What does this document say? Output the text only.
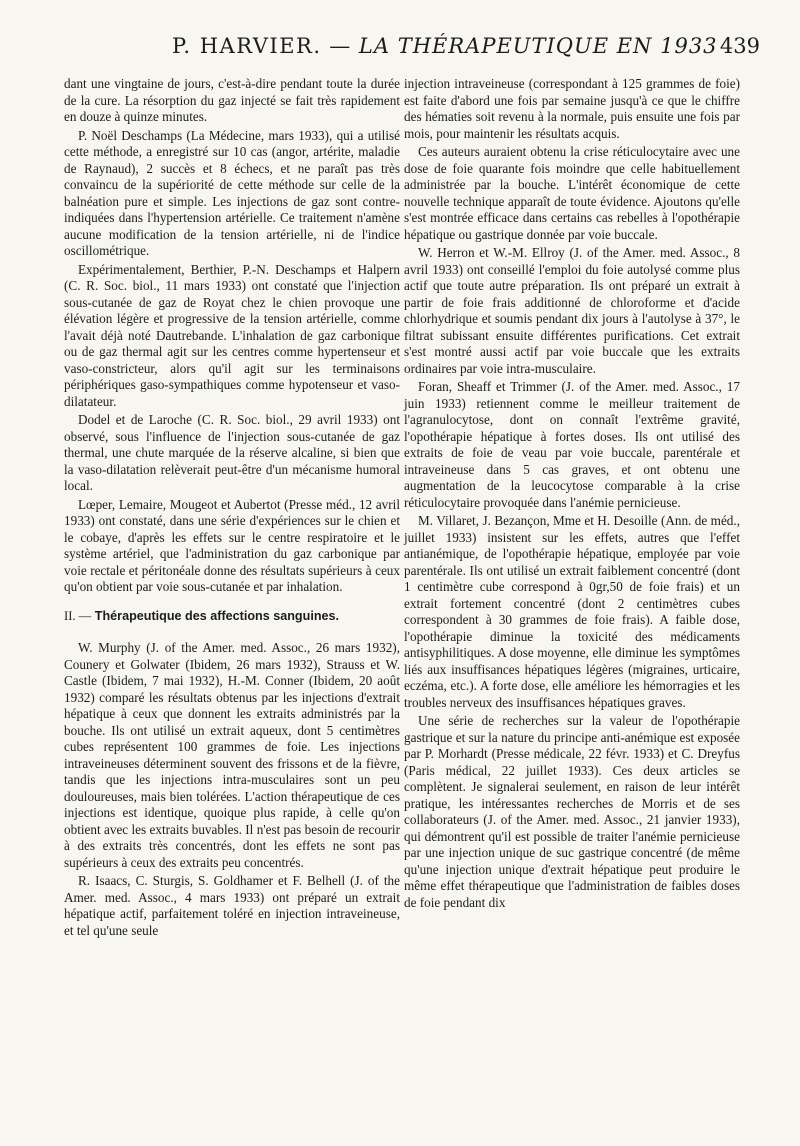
P. HARVIER. — LA THÉRAPEUTIQUE EN 1933 439

dant une vingtaine de jours, c'est-à-dire pendant toute la durée de la cure. La résorption du gaz injecté se fait très rapidement en douze à quinze minutes.

P. Noël Deschamps (La Médecine, mars 1933), qui a utilisé cette méthode, a enregistré sur 10 cas (angor, artérite, maladie de Raynaud), 2 succès et 8 échecs, et ne paraît pas très convaincu de la supériorité de cette méthode sur celle de la balnéation pure et simple. Les injections de gaz sont contre-indiquées dans l'hypertension artérielle. Ce traitement n'amène aucune modification de la tension artérielle, ni de l'indice oscillométrique.

Expérimentalement, Berthier, P.-N. Deschamps et Halpern (C. R. Soc. biol., 11 mars 1933) ont constaté que l'injection sous-cutanée de gaz de Royat chez le chien provoque une élévation légère et progressive de la tension artérielle, comme l'avait déjà noté Dautrebande. L'inhalation de gaz carbonique ou de gaz thermal agit sur les centres comme hypertenseur et vaso-constricteur, alors qu'il agit sur les terminaisons périphériques gaso-sympathiques comme hypotenseur et vaso-dilatateur.

Dodel et de Laroche (C. R. Soc. biol., 29 avril 1933) ont observé, sous l'influence de l'injection sous-cutanée de gaz thermal, une chute marquée de la réserve alcaline, si bien que la vaso-dilatation relèverait peut-être d'un mécanisme humoral local.

Lœper, Lemaire, Mougeot et Aubertot (Presse méd., 12 avril 1933) ont constaté, dans une série d'expériences sur le chien et le cobaye, d'après les effets sur le centre respiratoire et le système artériel, que l'administration du gaz carbonique par voie rectale et péritonéale donne des résultats supérieurs à ceux qu'on obtient par voie sous-cutanée et par inhalation.

II. — Thérapeutique des affections sanguines.

W. Murphy (J. of the Amer. med. Assoc., 26 mars 1932), Counery et Golwater (Ibidem, 26 mars 1932), Strauss et W. Castle (Ibidem, 7 mai 1932), H.-M. Conner (Ibidem, 20 août 1932) comparé les résultats obtenus par les injections d'extrait hépatique à ceux que donnent les extraits administrés par la bouche. Ils ont utilisé un extrait aqueux, dont 5 centimètres cubes représentent 100 grammes de foie. Les injections intraveineuses déterminent souvent des frissons et de la fièvre, tandis que les injections intra-musculaires sont un peu douloureuses, mais bien tolérées. L'action thérapeutique de ces injections est identique, quoique plus rapide, à celle qu'on obtient avec les extraits buvables. Il n'est pas besoin de recourir à des extraits très concentrés, dont les effets ne sont pas supérieurs à ceux des extraits peu concentrés.

R. Isaacs, C. Sturgis, S. Goldhamer et F. Belhell (J. of the Amer. med. Assoc., 4 mars 1933) ont préparé un extrait hépatique actif, parfaitement toléré en injection intraveineuse, et tel qu'une seule

injection intraveineuse (correspondant à 125 grammes de foie) est faite d'abord une fois par semaine jusqu'à ce que le chiffre des hématies soit revenu à la normale, puis ensuite une fois par mois, pour maintenir les résultats acquis.

Ces auteurs auraient obtenu la crise réticulocytaire avec une dose de foie quarante fois moindre que celle habituellement administrée par la bouche. L'intérêt économique de cette nouvelle technique apparaît de toute évidence. Ajoutons qu'elle s'est montrée efficace dans certains cas rebelles à l'opothérapie hépatique ou gastrique donnée par voie buccale.

W. Herron et W.-M. Ellroy (J. of the Amer. med. Assoc., 8 avril 1933) ont conseillé l'emploi du foie autolysé comme plus actif que toute autre préparation. Ils ont préparé un extrait à partir de foie frais additionné de chloroforme et d'acide chlorhydrique et soumis pendant dix jours à l'autolyse à 37°, le filtrat subissant ensuite différentes purifications. Cet extrait s'est montré aussi actif par voie buccale que les extraits ordinaires par voie intra-musculaire.

Foran, Sheaff et Trimmer (J. of the Amer. med. Assoc., 17 juin 1933) retiennent comme le meilleur traitement de l'agranulocytose, dont on connaît l'extrême gravité, l'opothérapie hépatique à fortes doses. Ils ont utilisé des extraits de foie de veau par voie buccale, parentérale et intraveineuse dans 5 cas graves, et ont obtenu une augmentation de la leucocytose comparable à la crise réticulocytaire provoquée dans l'anémie pernicieuse.

M. Villaret, J. Bezançon, Mme et H. Desoille (Ann. de méd., juillet 1933) insistent sur les effets, autres que l'effet antianémique, de l'opothérapie hépatique, employée par voie parentérale. Ils ont utilisé un extrait faiblement concentré (dont 1 centimètre cube correspond à 0gr,50 de foie frais) et un extrait fortement concentré (dont 2 centimètres cubes correspondent à 30 grammes de foie frais). A faible dose, l'opothérapie diminue la toxicité des médicaments antisyphilitiques. A dose moyenne, elle diminue les symptômes liés aux insuffisances hépatiques légères (migraines, urticaire, eczéma, etc.). A forte dose, elle améliore les hémorragies et les troubles nerveux des insuffisances hépatiques graves.

Une série de recherches sur la valeur de l'opothérapie gastrique et sur la nature du principe anti-anémique est exposée par P. Morhardt (Presse médicale, 22 févr. 1933) et C. Dreyfus (Paris médical, 22 juillet 1933). Ces deux articles se complètent. Je signalerai seulement, en raison de leur intérêt pratique, les intéressantes recherches de Morris et de ses collaborateurs (J. of the Amer. med. Assoc., 21 janvier 1933), qui démontrent qu'il est possible de traiter l'anémie pernicieuse par une injection unique de suc gastrique concentré (de même qu'une injection unique d'extrait hépatique peut produire le même effet thérapeutique que l'administration de faibles doses de foie pendant dix
